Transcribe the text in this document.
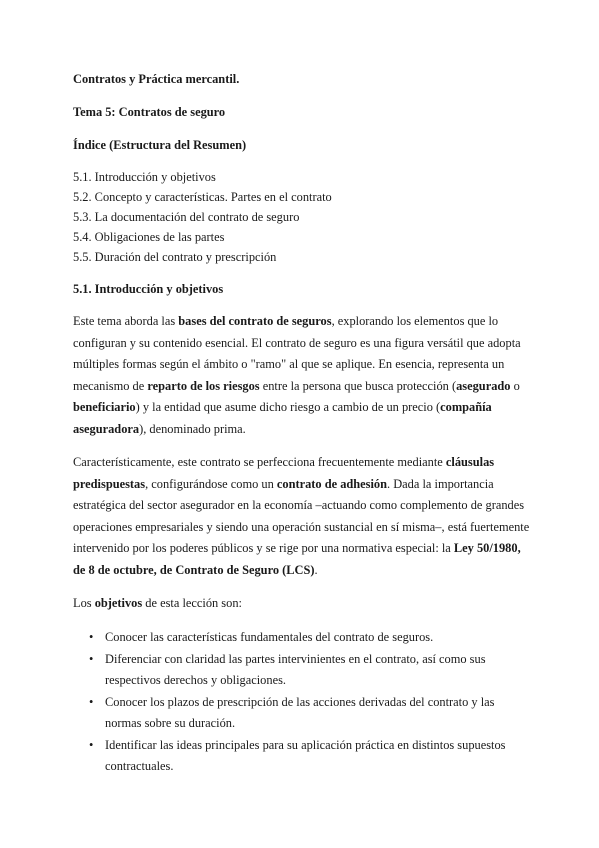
Contratos y Práctica mercantil.
Tema 5: Contratos de seguro
Índice (Estructura del Resumen)
5.1. Introducción y objetivos
5.2. Concepto y características. Partes en el contrato
5.3. La documentación del contrato de seguro
5.4. Obligaciones de las partes
5.5. Duración del contrato y prescripción
5.1. Introducción y objetivos

Este tema aborda las bases del contrato de seguros, explorando los elementos que lo configuran y su contenido esencial. El contrato de seguro es una figura versátil que adopta múltiples formas según el ámbito o "ramo" al que se aplique. En esencia, representa un mecanismo de reparto de los riesgos entre la persona que busca protección (asegurado o beneficiario) y la entidad que asume dicho riesgo a cambio de un precio (compañía aseguradora), denominado prima.

Característicamente, este contrato se perfecciona frecuentemente mediante cláusulas predispuestas, configurándose como un contrato de adhesión. Dada la importancia estratégica del sector asegurador en la economía –actuando como complemento de grandes operaciones empresariales y siendo una operación sustancial en sí misma–, está fuertemente intervenido por los poderes públicos y se rige por una normativa especial: la Ley 50/1980, de 8 de octubre, de Contrato de Seguro (LCS).

Los objetivos de esta lección son:

• Conocer las características fundamentales del contrato de seguros.
• Diferenciar con claridad las partes intervinientes en el contrato, así como sus respectivos derechos y obligaciones.
• Conocer los plazos de prescripción de las acciones derivadas del contrato y las normas sobre su duración.
• Identificar las ideas principales para su aplicación práctica en distintos supuestos contractuales.
